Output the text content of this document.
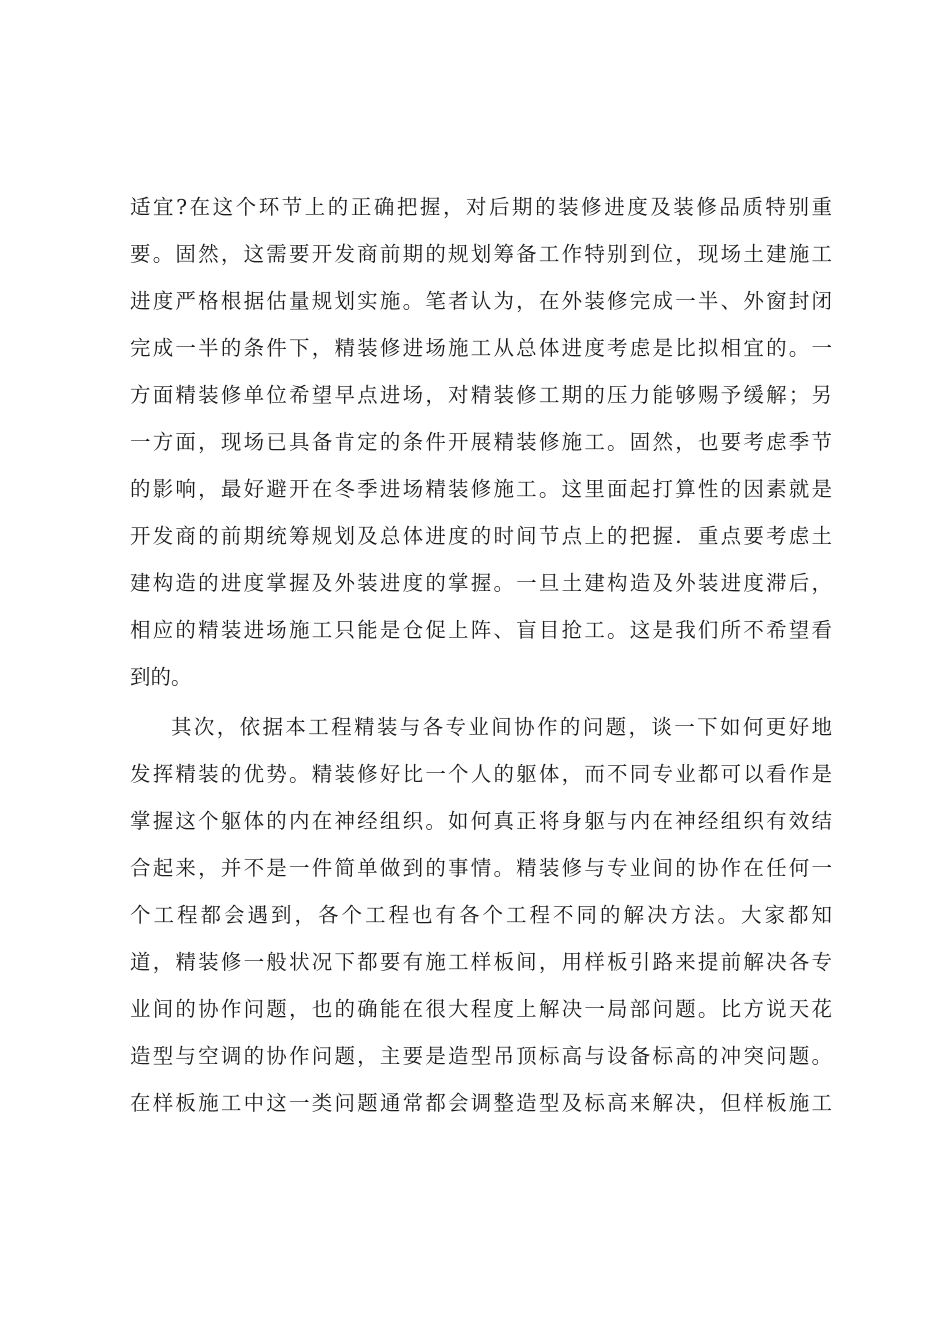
适宜?在这个环节上的正确把握，对后期的装修进度及装修品质特别重
要。固然，这需要开发商前期的规划筹备工作特别到位，现场土建施工
进度严格根据估量规划实施。笔者认为，在外装修完成一半、外窗封闭
完成一半的条件下，精装修进场施工从总体进度考虑是比拟相宜的。一
方面精装修单位希望早点进场，对精装修工期的压力能够赐予缓解；另
一方面，现场已具备肯定的条件开展精装修施工。固然，也要考虑季节
的影响，最好避开在冬季进场精装修施工。这里面起打算性的因素就是
开发商的前期统筹规划及总体进度的时间节点上的把握．重点要考虑土
建构造的进度掌握及外装进度的掌握。一旦土建构造及外装进度滞后，
相应的精装进场施工只能是仓促上阵、盲目抢工。这是我们所不希望看
到的。
其次，依据本工程精装与各专业间协作的问题，谈一下如何更好地
发挥精装的优势。精装修好比一个人的躯体，而不同专业都可以看作是
掌握这个躯体的内在神经组织。如何真正将身躯与内在神经组织有效结
合起来，并不是一件简单做到的事情。精装修与专业间的协作在任何一
个工程都会遇到，各个工程也有各个工程不同的解决方法。大家都知
道，精装修一般状况下都要有施工样板间，用样板引路来提前解决各专
业间的协作问题，也的确能在很大程度上解决一局部问题。比方说天花
造型与空调的协作问题，主要是造型吊顶标高与设备标高的冲突问题。
在样板施工中这一类问题通常都会调整造型及标高来解决，但样板施工
